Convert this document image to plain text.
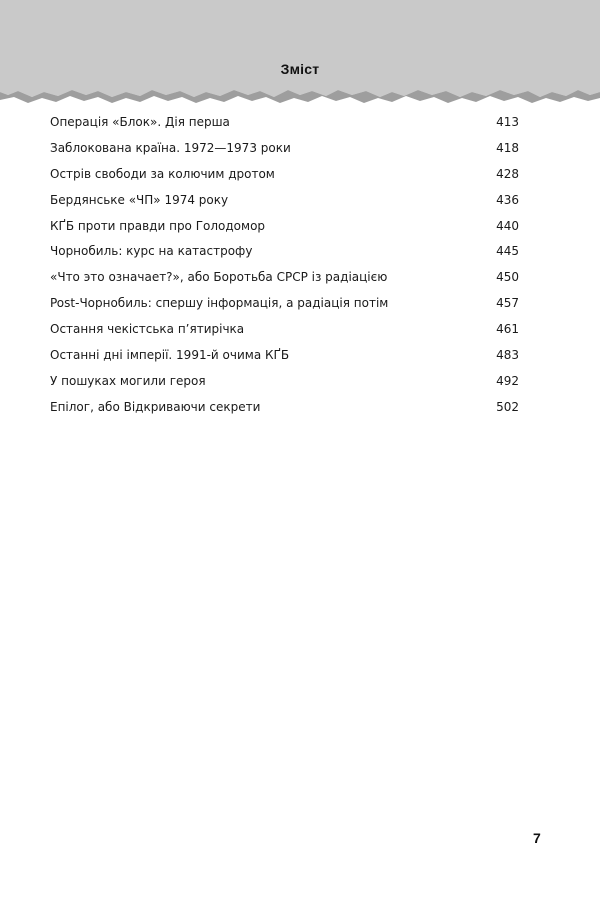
Зміст
Операція «Блок». Дія перша	413
Заблокована країна. 1972—1973 роки	418
Острів свободи за колючим дротом	428
Бердянське «ЧП» 1974 року	436
КҐБ проти правди про Голодомор	440
Чорнобиль: курс на катастрофу	445
«Что это означает?», або Боротьба СРСР із радіацією	450
Post-Чорнобиль: спершу інформація, а радіація потім	457
Остання чекістська п’ятирічка	461
Останні дні імперії. 1991-й очима КҐБ	483
У пошуках могили героя	492
Епілог, або Відкриваючи секрети	502
7
